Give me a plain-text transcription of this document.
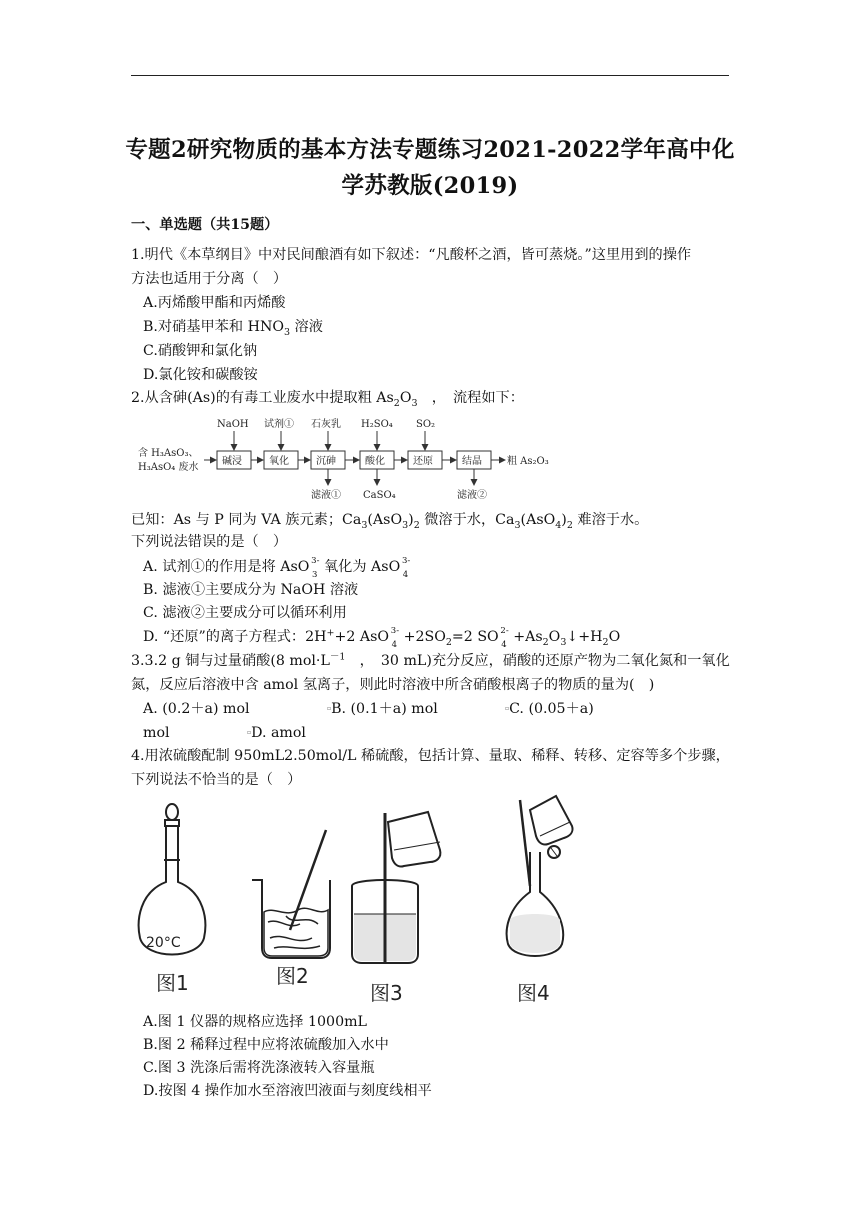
专题2研究物质的基本方法专题练习2021-2022学年高中化
学苏教版(2019)
一、单选题（共15题）
1.明代《本草纲目》中对民间酿酒有如下叙述：“凡酸杯之酒，皆可蒸烧。”这里用到的操作
方法也适用于分离（　）
A.丙烯酸甲酯和丙烯酸
B.对硝基甲苯和 $HNO_3$ 溶液
C.硝酸钾和氯化钠
D.氯化铵和碳酸铵
2.从含砷(As)的有毒工业废水中提取粗 $As_2O_3$　，　流程如下：
含 H₃AsO₃、
H₃AsO₄ 废水
碱浸	氧化	沉砷	酸化	还原	结晶	粗 As₂O₃
NaOH 试剂① 石灰乳 H₂SO₄ SO₂
滤液① CaSO₄	滤液②
已知：As 与 P 同为 VA 族元素；$Ca_3(AsO_3)_2$ 微溶于水，$Ca_3(AsO_4)_2$ 难溶于水。
下列说法错误的是（　）
A. 试剂①的作用是将 AsO 3-
3 氧化为 AsO 3-
4
B. 滤液①主要成分为 NaOH 溶液
C. 滤液②主要成分可以循环利用
D. “还原”的离子方程式：2H++2 AsO 3-
$4 +2SO_2=2$ SO 2-
$4 +As_2O_3↓+H_2O$
3.3.2 g 铜与过量硝酸(8 $mol\cdot L^{-1}$　，　30 mL)充分反应，硝酸的还原产物为二氧化氮和一氧化
氮，反应后溶液中含 amol 氢离子，则此时溶液中所含硝酸根离子的物质的量为(　)
A. (0.2＋a) mol	▫B. (0.1＋a) mol	▫C. (0.05＋a)
mol	▫D. amol
4.用浓硫酸配制 950mL2.50mol/L 稀硫酸，包括计算、量取、稀释、转移、定容等多个步骤，
下列说法不恰当的是（　）
20°C
图1	图2
图3	图4
A.图 1 仪器的规格应选择 1000mL
B.图 2 稀释过程中应将浓硫酸加入水中
C.图 3 洗涤后需将洗涤液转入容量瓶
D.按图 4 操作加水至溶液凹液面与刻度线相平
